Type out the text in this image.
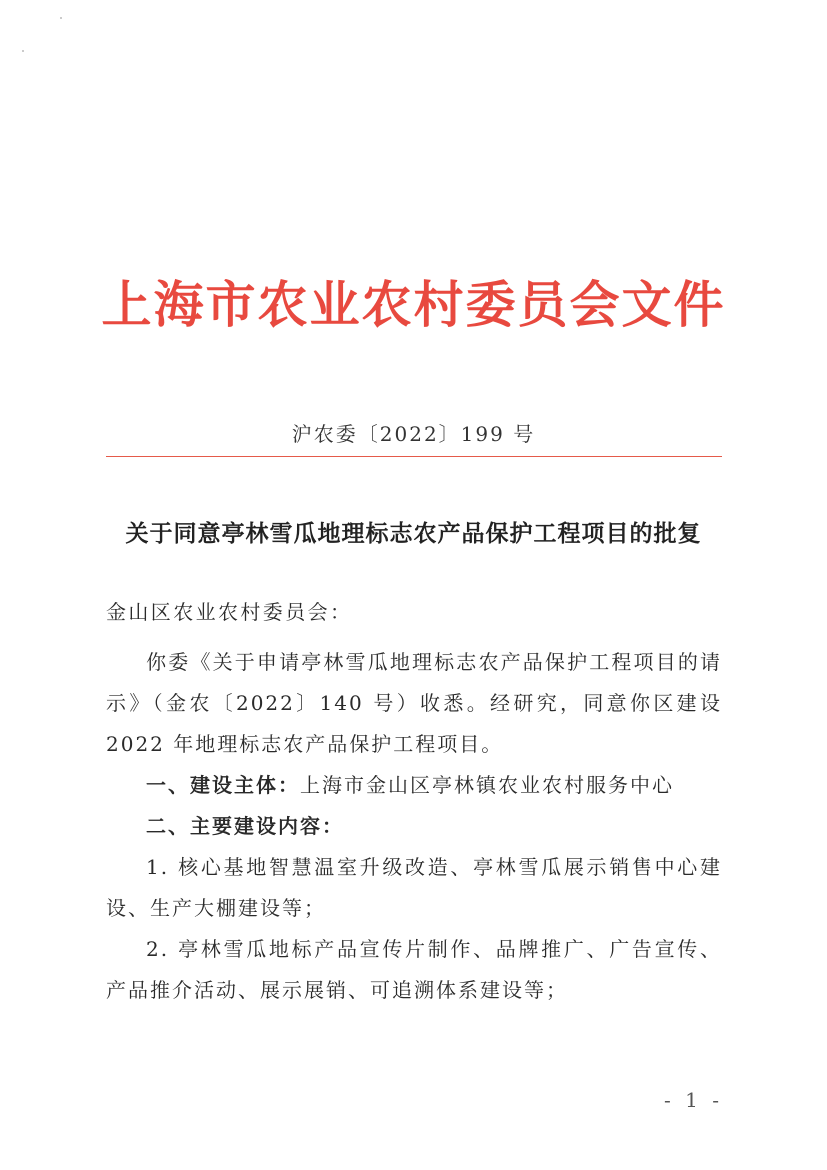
上海市农业农村委员会文件
沪农委〔2022〕199 号
关于同意亭林雪瓜地理标志农产品保护工程项目的批复
金山区农业农村委员会：
你委《关于申请亭林雪瓜地理标志农产品保护工程项目的请示》（金农〔2022〕140 号）收悉。经研究，同意你区建设 2022 年地理标志农产品保护工程项目。
一、建设主体：上海市金山区亭林镇农业农村服务中心
二、主要建设内容：
1. 核心基地智慧温室升级改造、亭林雪瓜展示销售中心建设、生产大棚建设等；
2. 亭林雪瓜地标产品宣传片制作、品牌推广、广告宣传、产品推介活动、展示展销、可追溯体系建设等；
- 1 -
